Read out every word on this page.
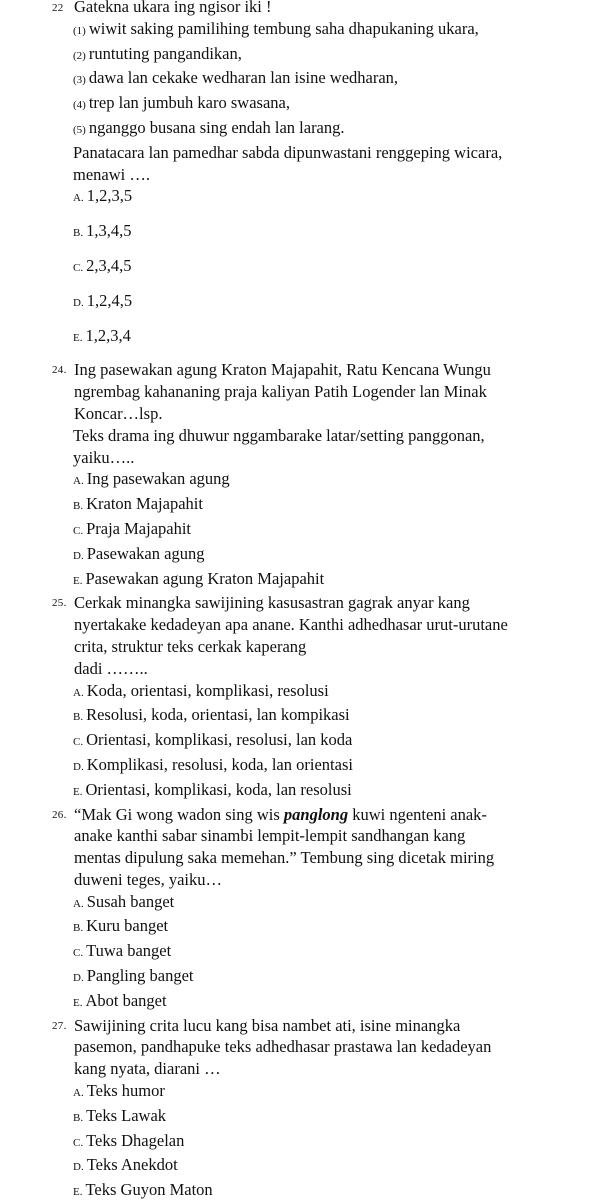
22 Gatekna ukara ing ngisor iki !
(1) wiwit saking pamilihing tembung saha dhapukaning ukara,
(2) runtuting pangandikan,
(3) dawa lan cekake wedharan lan isine wedharan,
(4) trep lan jumbuh karo swasana,
(5) nganggo busana sing endah lan larang.
Panatacara lan pamedhar sabda dipunwastani renggeping wicara,
menawi ….
A. 1,2,3,5
B. 1,3,4,5
C. 2,3,4,5
D. 1,2,4,5
E. 1,2,3,4
24. Ing pasewakan agung Kraton Majapahit, Ratu Kencana Wungu
ngrembag kahananing praja kaliyan Patih Logender lan Minak
Koncar…lsp.
Teks drama ing dhuwur nggambarake latar/setting panggonan,
yaiku…..
A. Ing pasewakan agung
B. Kraton Majapahit
C. Praja Majapahit
D. Pasewakan agung
E. Pasewakan agung Kraton Majapahit
25. Cerkak minangka sawijining kasusastran gagrak anyar kang
nyertakake kedadeyan apa anane. Kanthi adhedhasar urut-urutane
crita, struktur teks cerkak kaperang
dadi ……..
A. Koda, orientasi, komplikasi, resolusi
B. Resolusi, koda, orientasi, lan kompikasi
C. Orientasi, komplikasi, resolusi, lan koda
D. Komplikasi, resolusi, koda, lan orientasi
E. Orientasi, komplikasi, koda, lan resolusi
26. “Mak Gi wong wadon sing wis panglong kuwi ngenteni anak-
anake kanthi sabar sinambi lempit-lempit sandhangan kang
mentas dipulung saka memehan.” Tembung sing dicetak miring
duweni teges, yaiku…
A. Susah banget
B. Kuru banget
C. Tuwa banget
D. Pangling banget
E. Abot banget
27. Sawijining crita lucu kang bisa nambet ati, isine minangka
pasemon, pandhapuke teks adhedhasar prastawa lan kedadeyan
kang nyata, diarani …
A. Teks humor
B. Teks Lawak
C. Teks Dhagelan
D. Teks Anekdot
E. Teks Guyon Maton
